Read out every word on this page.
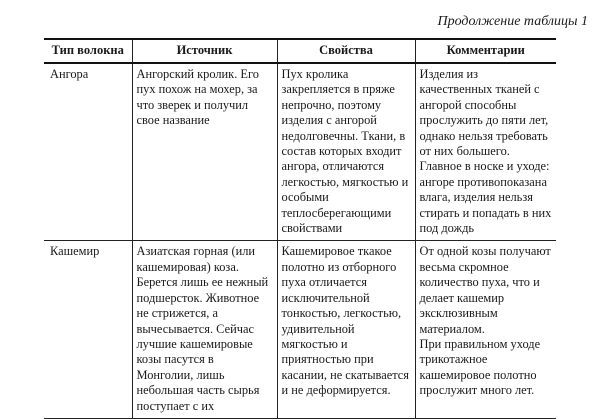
Продолжение таблицы 1
Тип волокна	Источник	Свойства	Комментарии
Ангора	Ангорский кролик. Его пух похож на мохер, за что зверек и получил свое название	Пух кролика закрепляется в пряже непрочно, поэтому изделия с ангорой недолговечны. Ткани, в состав которых входит ангора, отличаются легкостью, мягкостью и особыми теплосберегающими свойствами	Изделия из качественных тканей с ангорой способны прослужить до пяти лет, однако нельзя требовать от них большего.

Главное в носке и уходе: ангоре противопоказана влага, изделия нельзя стирать и попадать в них под дождь

Кашемир	Азиатская горная (или кашемировая) коза. Берется лишь ее нежный подшерсток. Животное не стрижется, а вычесывается. Сейчас лучшие кашемировые козы пасутся в Монголии, лишь небольшая часть сырья поступает с их	Кашемировое ткакое полотно из отборного пуха отличается исключительной тонкостью, легкостью, удивительной мягкостью и приятностью при касании, не скатывается и не деформируется.	От одной козы получают весьма скромное количество пуха, что и делает кашемир эксклюзивным материалом.

При правильном уходе трикотажное кашемировое полотно прослужит много лет.
